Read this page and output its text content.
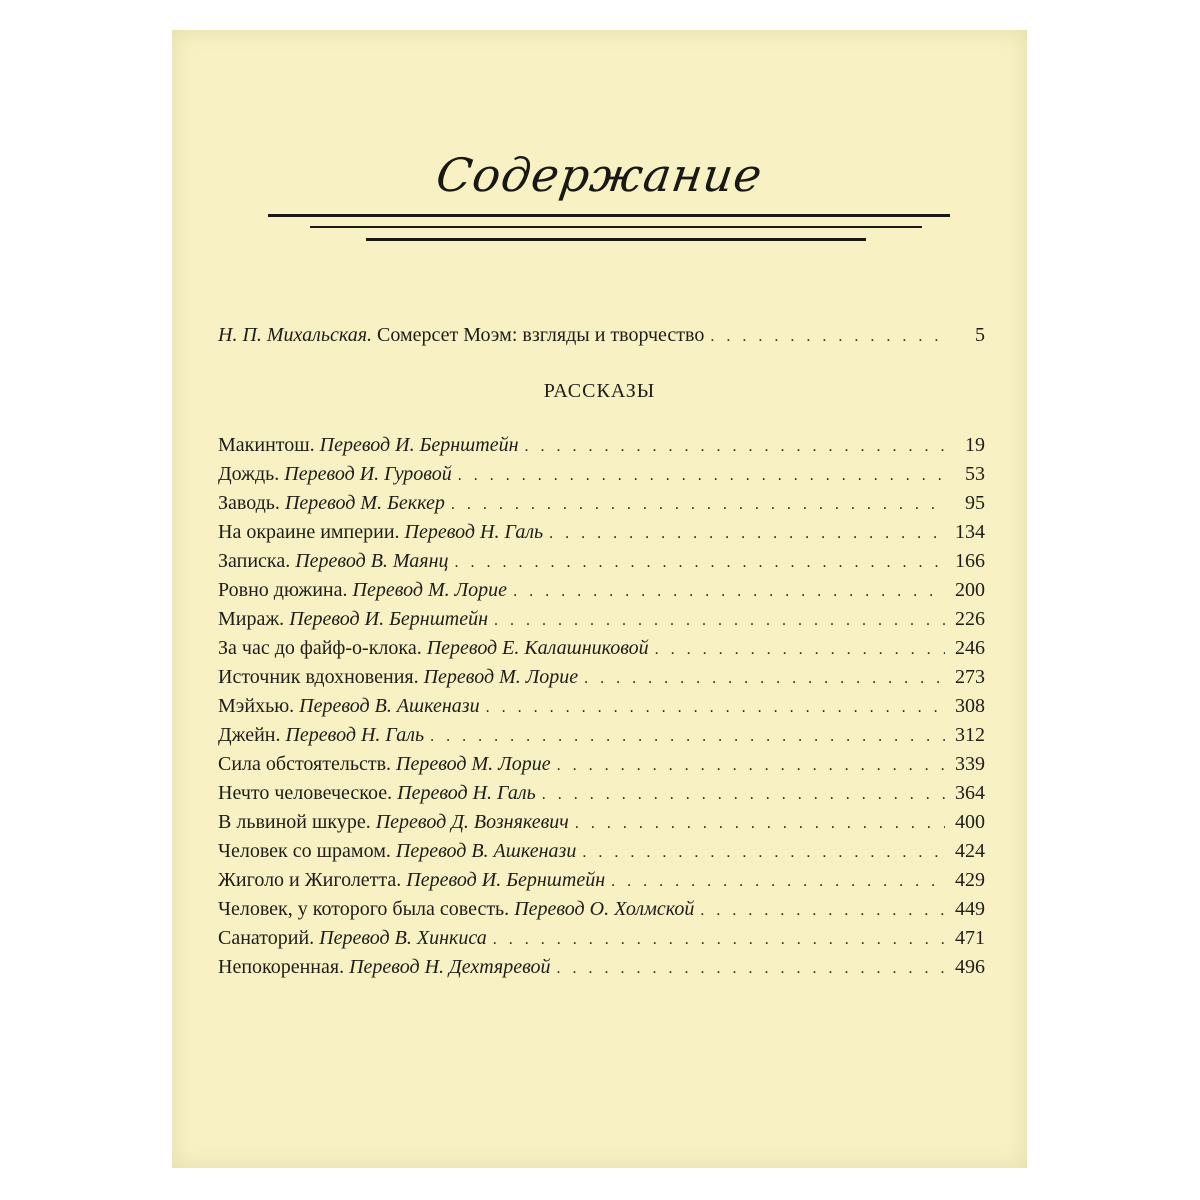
Содержание
Н. П. Михальская. Сомерсет Моэм: взгляды и творчество . . .	5
РАССКАЗЫ
Макинтош. Перевод И. Бернштейн . . .	19
Дождь. Перевод И. Гуровой . . .	53
Заводь. Перевод М. Беккер . . .	95
На окраине империи. Перевод Н. Галь . . .	134
Записка. Перевод В. Маянц . . .	166
Ровно дюжина. Перевод М. Лорие . . .	200
Мираж. Перевод И. Бернштейн . . .	226
За час до файф-о-клока. Перевод Е. Калашниковой . . .	246
Источник вдохновения. Перевод М. Лорие . . .	273
Мэйхью. Перевод В. Ашкенази . . .	308
Джейн. Перевод Н. Галь . . .	312
Сила обстоятельств. Перевод М. Лорие . . .	339
Нечто человеческое. Перевод Н. Галь . . .	364
В львиной шкуре. Перевод Д. Вознякевич . . .	400
Человек со шрамом. Перевод В. Ашкенази . . .	424
Жиголо и Жиголетта. Перевод И. Бернштейн . . .	429
Человек, у которого была совесть. Перевод О. Холмской . . .	449
Санаторий. Перевод В. Хинкиса . . .	471
Непокоренная. Перевод Н. Дехтяревой . . .	496
